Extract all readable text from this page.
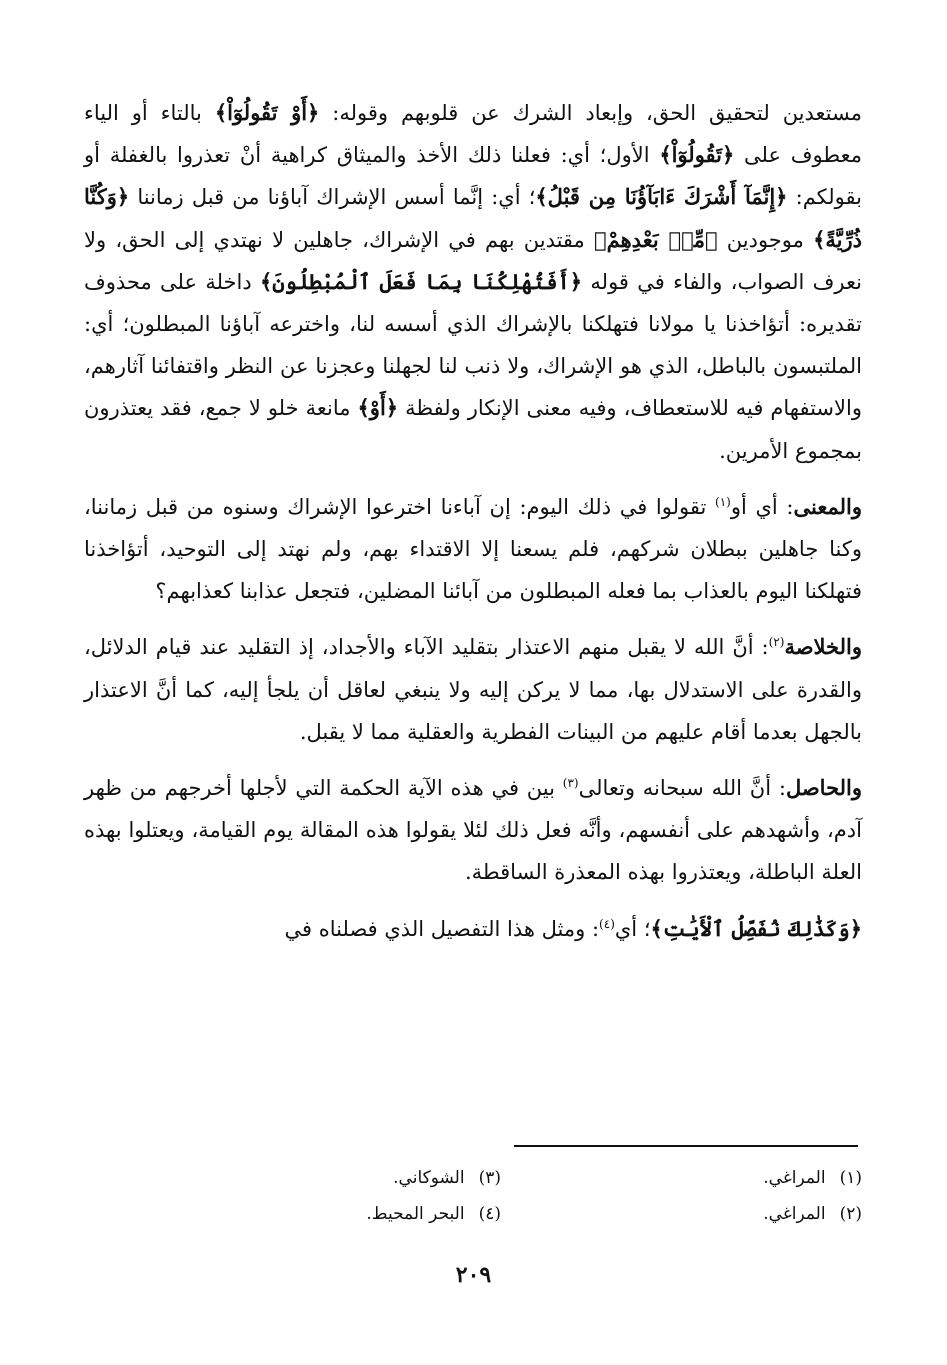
مستعدين لتحقيق الحق، وإبعاد الشرك عن قلوبهم وقوله: ﴿أَوْ تَقُولُوٓاْ﴾ بالتاء أو الياء معطوف على ﴿تَقُولُوٓاْ﴾ الأول؛ أي: فعلنا ذلك الأخذ والميثاق كراهية أنْ تعذروا بالغفلة أو بقولكم: ﴿إِنَّمَآ أَشْرَكَ ءَابَآؤُنَا مِن قَبْلُ﴾؛ أي: إنَّما أسس الإشراك آباؤنا من قبل زماننا ﴿وَكُنَّا ذُرِّيَّةً﴾ موجودين ﴿مِّنۢ بَعْدِهِمْ﴾ مقتدين بهم في الإشراك، جاهلين لا نهتدي إلى الحق، ولا نعرف الصواب، والفاء في قوله ﴿أَفَتُهْلِكُنَا بِمَا فَعَلَ ٱلْمُبْطِلُونَ﴾ داخلة على محذوف تقديره: أتؤاخذنا يا مولانا فتهلكنا بالإشراك الذي أسسه لنا، واخترعه آباؤنا المبطلون؛ أي: الملتبسون بالباطل، الذي هو الإشراك، ولا ذنب لنا لجهلنا وعجزنا عن النظر واقتفائنا آثارهم، والاستفهام فيه للاستعطاف، وفيه معنى الإنكار ولفظة ﴿أَوْ﴾ مانعة خلو لا جمع، فقد يعتذرون بمجموع الأمرين.

والمعنى: أي أو$^{(١)}$ تقولوا في ذلك اليوم: إن آباءنا اخترعوا الإشراك وسنوه من قبل زماننا، وكنا جاهلين ببطلان شركهم، فلم يسعنا إلا الاقتداء بهم، ولم نهتد إلى التوحيد، أتؤاخذنا فتهلكنا اليوم بالعذاب بما فعله المبطلون من آبائنا المضلين، فتجعل عذابنا كعذابهم؟

والخلاصة$^{(٢)}$: أنَّ الله لا يقبل منهم الاعتذار بتقليد الآباء والأجداد، إذ التقليد عند قيام الدلائل، والقدرة على الاستدلال بها، مما لا يركن إليه ولا ينبغي لعاقل أن يلجأ إليه، كما أنَّ الاعتذار بالجهل بعدما أقام عليهم من البينات الفطرية والعقلية مما لا يقبل.

والحاصل: أنَّ الله سبحانه وتعالى$^{(٣)}$ بين في هذه الآية الحكمة التي لأجلها أخرجهم من ظهر آدم، وأشهدهم على أنفسهم، وأنَّه فعل ذلك لئلا يقولوا هذه المقالة يوم القيامة، ويعتلوا بهذه العلة الباطلة، ويعتذروا بهذه المعذرة الساقطة.

﴿وَكَذَٰلِكَ نُفَصِّلُ ٱلْأَيَٰتِ﴾؛ أي$^{(٤)}$: ومثل هذا التفصيل الذي فصلناه في

(١)المراغي.
(٣)الشوكاني.
(٢)المراغي.
(٤)البحر المحيط.
٢٠٩
